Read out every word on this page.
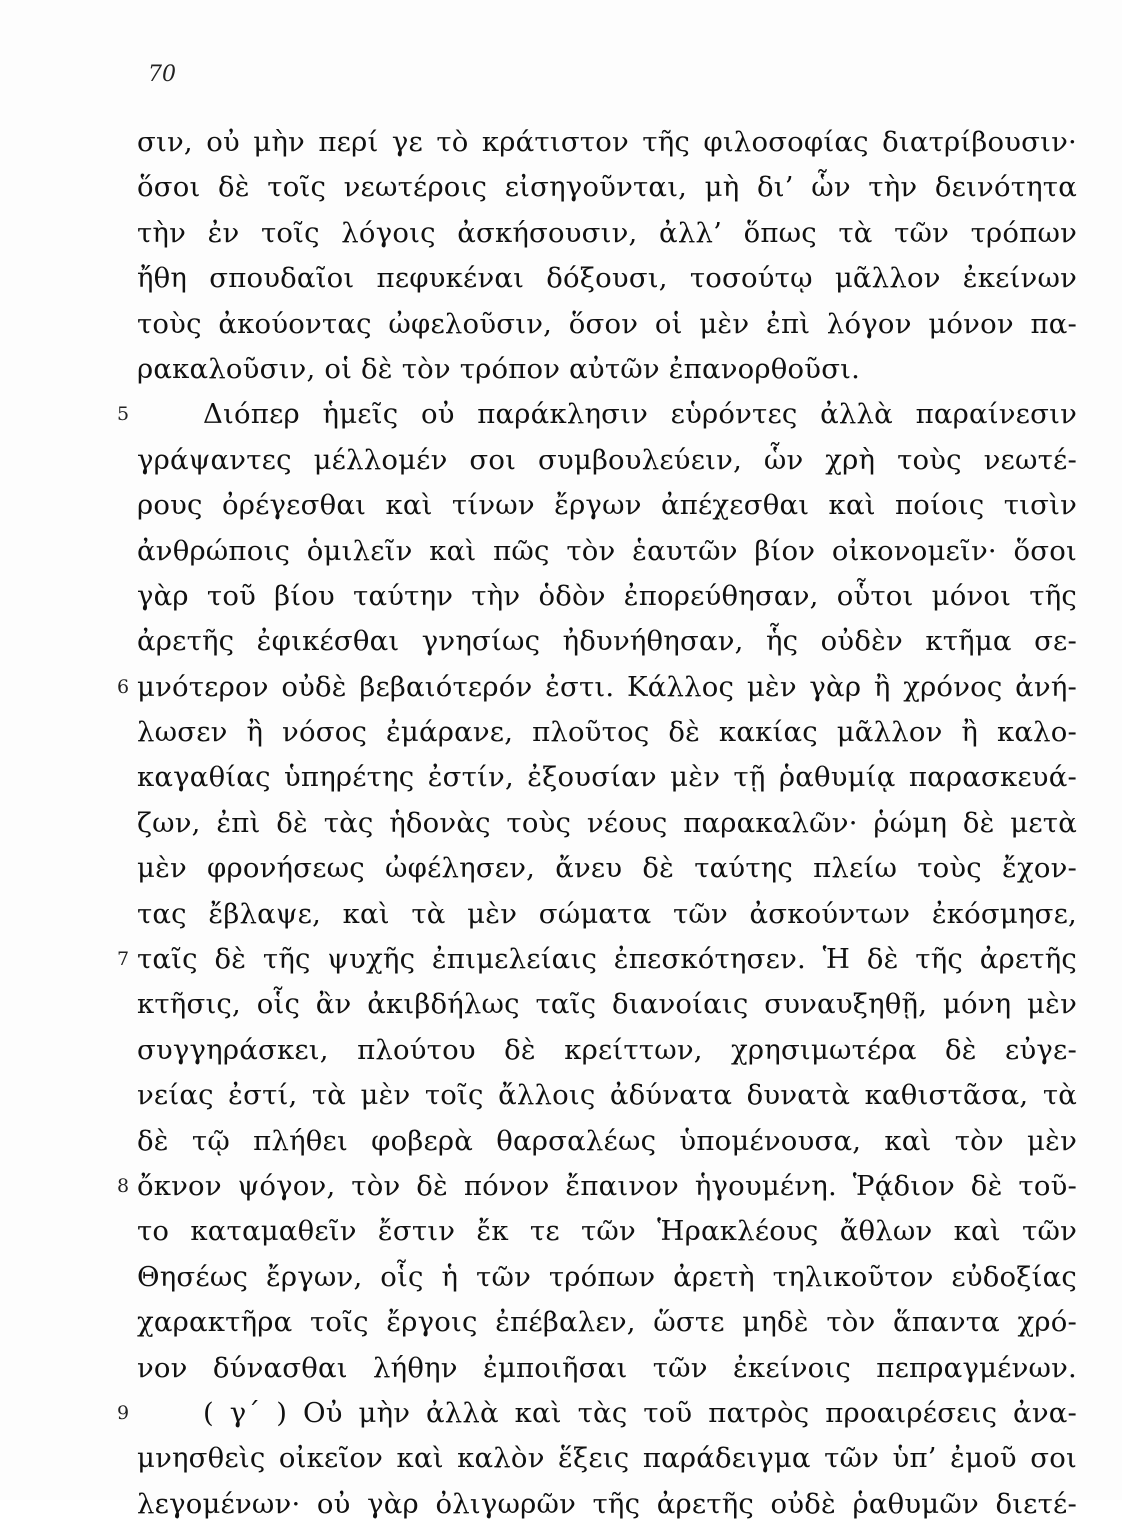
70
σιν, οὐ μὴν περί γε τὸ κράτιστον τῆς φιλοσοφίας διατρίβουσιν·
ὅσοι δὲ τοῖς νεωτέροις εἰσηγοῦνται, μὴ δι’ ὧν τὴν δεινότητα
τὴν ἐν τοῖς λόγοις ἀσκήσουσιν, ἀλλ’ ὅπως τὰ τῶν τρόπων
ἤθη σπουδαῖοι πεφυκέναι δόξουσι, τοσούτῳ μᾶλλον ἐκείνων
τοὺς ἀκούοντας ὠφελοῦσιν, ὅσον οἱ μὲν ἐπὶ λόγον μόνον πα-
ρακαλοῦσιν, οἱ δὲ τὸν τρόπον αὐτῶν ἐπανορθοῦσι.
5	Διόπερ ἡμεῖς οὐ παράκλησιν εὑρόντες ἀλλὰ παραίνεσιν
γράψαντες μέλλομέν σοι συμβουλεύειν, ὧν χρὴ τοὺς νεωτέ-
ρους ὀρέγεσθαι καὶ τίνων ἔργων ἀπέχεσθαι καὶ ποίοις τισὶν
ἀνθρώποις ὁμιλεῖν καὶ πῶς τὸν ἑαυτῶν βίον οἰκονομεῖν· ὅσοι
γὰρ τοῦ βίου ταύτην τὴν ὁδὸν ἐπορεύθησαν, οὗτοι μόνοι τῆς
ἀρετῆς ἐφικέσθαι γνησίως ἠδυνήθησαν, ἧς οὐδὲν κτῆμα σε-
6 μνότερον οὐδὲ βεβαιότερόν ἐστι. Κάλλος μὲν γὰρ ἢ χρόνος ἀνή-
λωσεν ἢ νόσος ἐμάρανε, πλοῦτος δὲ κακίας μᾶλλον ἢ καλο-
καγαθίας ὑπηρέτης ἐστίν, ἐξουσίαν μὲν τῇ ῥαθυμίᾳ παρασκευά-
ζων, ἐπὶ δὲ τὰς ἡδονὰς τοὺς νέους παρακαλῶν· ῥώμη δὲ μετὰ
μὲν φρονήσεως ὠφέλησεν, ἄνευ δὲ ταύτης πλείω τοὺς ἔχον-
τας ἔβλαψε, καὶ τὰ μὲν σώματα τῶν ἀσκούντων ἐκόσμησε,
7 ταῖς δὲ τῆς ψυχῆς ἐπιμελείαις ἐπεσκότησεν. Ἡ δὲ τῆς ἀρετῆς
κτῆσις, οἷς ἂν ἀκιβδήλως ταῖς διανοίαις συναυξηθῇ, μόνη μὲν
συγγηράσκει, πλούτου δὲ κρείττων, χρησιμωτέρα δὲ εὐγε-
νείας ἐστί, τὰ μὲν τοῖς ἄλλοις ἀδύνατα δυνατὰ καθιστᾶσα, τὰ
δὲ τῷ πλήθει φοβερὰ θαρσαλέως ὑπομένουσα, καὶ τὸν μὲν
8 ὄκνον ψόγον, τὸν δὲ πόνον ἔπαινον ἡγουμένη. Ῥᾴδιον δὲ τοῦ-
το καταμαθεῖν ἔστιν ἔκ τε τῶν Ἡρακλέους ἄθλων καὶ τῶν
Θησέως ἔργων, οἷς ἡ τῶν τρόπων ἀρετὴ τηλικοῦτον εὐδοξίας
χαρακτῆρα τοῖς ἔργοις ἐπέβαλεν, ὥστε μηδὲ τὸν ἅπαντα χρό-
νον δύνασθαι λήθην ἐμποιῆσαι τῶν ἐκείνοις πεπραγμένων.
9	( γ΄ ) Οὐ μὴν ἀλλὰ καὶ τὰς τοῦ πατρὸς προαιρέσεις ἀνα-
μνησθεὶς οἰκεῖον καὶ καλὸν ἕξεις παράδειγμα τῶν ὑπ’ ἐμοῦ σοι
λεγομένων· οὐ γὰρ ὀλιγωρῶν τῆς ἀρετῆς οὐδὲ ῥαθυμῶν διετέ-
